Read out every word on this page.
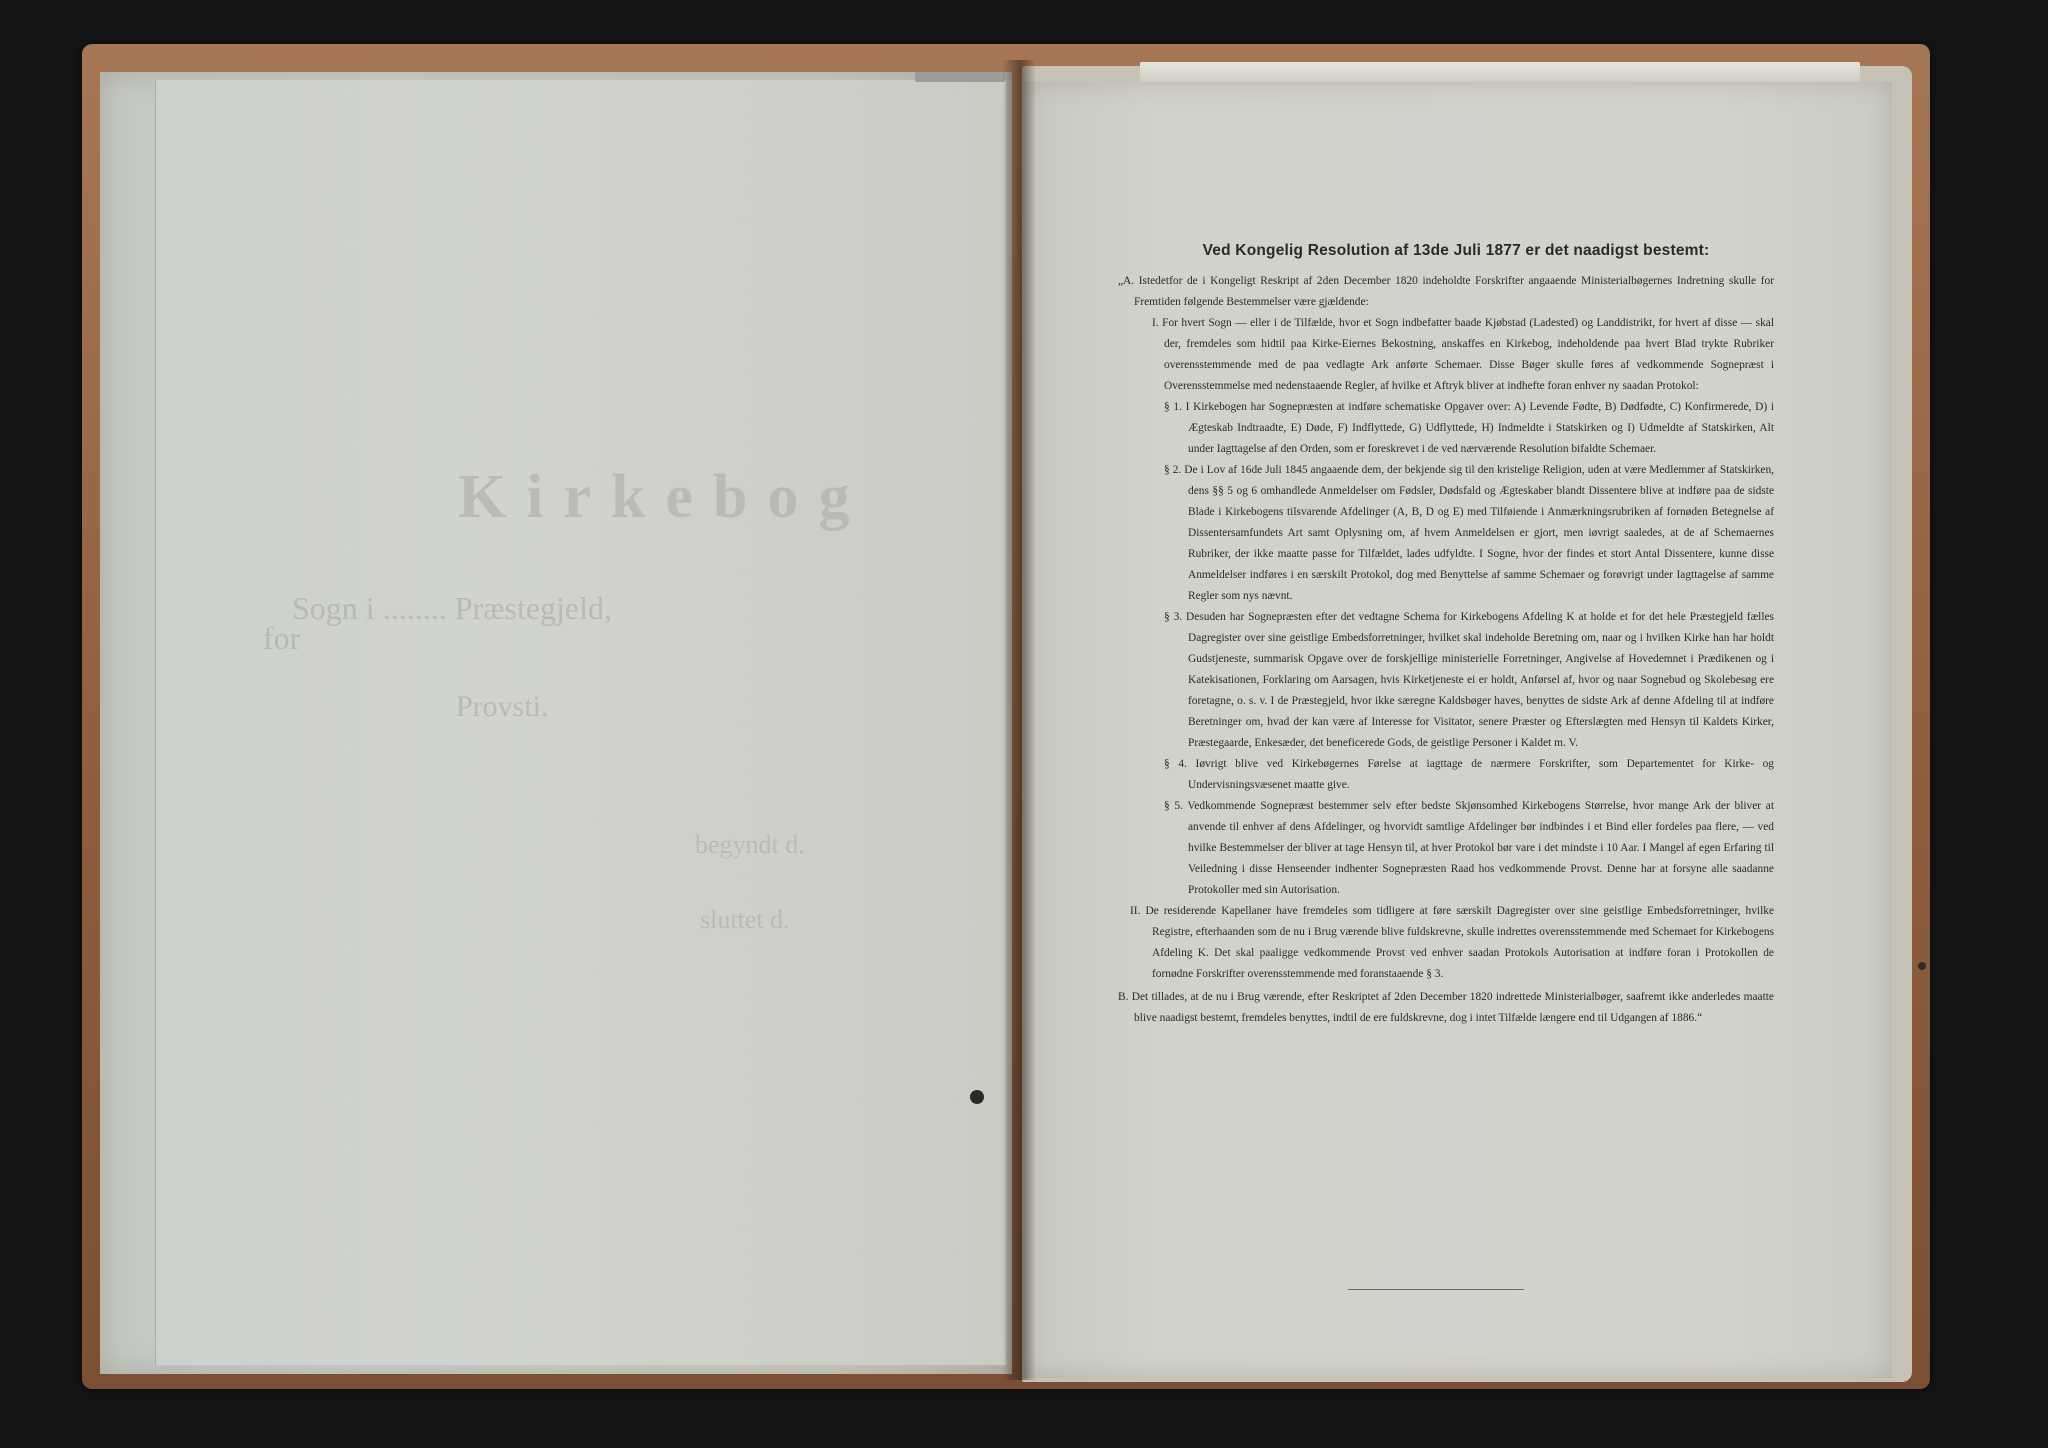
Kirkebog
for
Sogn i ........ Præstegjeld,
Provsti.
begyndt d.
sluttet d.
Ved Kongelig Resolution af 13de Juli 1877 er det naadigst bestemt:

„A. Istedetfor de i Kongeligt Reskript af 2den December 1820 indeholdte Forskrifter angaaende Ministerialbøgernes Indretning skulle for Fremtiden følgende Bestemmelser være gjældende:

I. For hvert Sogn — eller i de Tilfælde, hvor et Sogn indbefatter baade Kjøbstad (Ladested) og Landdistrikt, for hvert af disse — skal der, fremdeles som hidtil paa Kirke-Eiernes Bekostning, anskaffes en Kirkebog, indeholdende paa hvert Blad trykte Rubriker overensstemmende med de paa vedlagte Ark anførte Schemaer. Disse Bøger skulle føres af vedkommende Sognepræst i Overensstemmelse med nedenstaaende Regler, af hvilke et Aftryk bliver at indhefte foran enhver ny saadan Protokol:

§ 1. I Kirkebogen har Sognepræsten at indføre schematiske Opgaver over: A) Levende Fødte, B) Dødfødte, C) Konfirmerede, D) i Ægteskab Indtraadte, E) Døde, F) Indflyttede, G) Udflyttede, H) Indmeldte i Statskirken og I) Udmeldte af Statskirken, Alt under Iagttagelse af den Orden, som er foreskrevet i de ved nærværende Resolution bifaldte Schemaer.

§ 2. De i Lov af 16de Juli 1845 angaaende dem, der bekjende sig til den kristelige Religion, uden at være Medlemmer af Statskirken, dens §§ 5 og 6 omhandlede Anmeldelser om Fødsler, Dødsfald og Ægteskaber blandt Dissentere blive at indføre paa de sidste Blade i Kirkebogens tilsvarende Afdelinger (A, B, D og E) med Tilføiende i Anmærkningsrubriken af fornøden Betegnelse af Dissentersamfundets Art samt Oplysning om, af hvem Anmeldelsen er gjort, men iøvrigt saaledes, at de af Schemaernes Rubriker, der ikke maatte passe for Tilfældet, lades udfyldte. I Sogne, hvor der findes et stort Antal Dissentere, kunne disse Anmeldelser indføres i en særskilt Protokol, dog med Benyttelse af samme Schemaer og forøvrigt under Iagttagelse af samme Regler som nys nævnt.

§ 3. Desuden har Sognepræsten efter det vedtagne Schema for Kirkebogens Afdeling K at holde et for det hele Præstegjeld fælles Dagregister over sine geistlige Embedsforretninger, hvilket skal indeholde Beretning om, naar og i hvilken Kirke han har holdt Gudstjeneste, summarisk Opgave over de forskjellige ministerielle Forretninger, Angivelse af Hovedemnet i Prædikenen og i Katekisationen, Forklaring om Aarsagen, hvis Kirketjeneste ei er holdt, Anførsel af, hvor og naar Sognebud og Skolebesøg ere foretagne, o. s. v. I de Præstegjeld, hvor ikke særegne Kaldsbøger haves, benyttes de sidste Ark af denne Afdeling til at indføre Beretninger om, hvad der kan være af Interesse for Visitator, senere Præster og Efterslægten med Hensyn til Kaldets Kirker, Præstegaarde, Enkesæder, det beneficerede Gods, de geistlige Personer i Kaldet m. V.

§ 4. Iøvrigt blive ved Kirkebøgernes Førelse at iagttage de nærmere Forskrifter, som Departementet for Kirke- og Undervisningsvæsenet maatte give.

§ 5. Vedkommende Sognepræst bestemmer selv efter bedste Skjønsomhed Kirkebogens Størrelse, hvor mange Ark der bliver at anvende til enhver af dens Afdelinger, og hvorvidt samtlige Afdelinger bør indbindes i et Bind eller fordeles paa flere, — ved hvilke Bestemmelser der bliver at tage Hensyn til, at hver Protokol bør vare i det mindste i 10 Aar. I Mangel af egen Erfaring til Veiledning i disse Henseender indhenter Sognepræsten Raad hos vedkommende Provst. Denne har at forsyne alle saadanne Protokoller med sin Autorisation.

II. De residerende Kapellaner have fremdeles som tidligere at føre særskilt Dagregister over sine geistlige Embedsforretninger, hvilke Registre, efterhaanden som de nu i Brug værende blive fuldskrevne, skulle indrettes overensstemmende med Schemaet for Kirkebogens Afdeling K. Det skal paaligge vedkommende Provst ved enhver saadan Protokols Autorisation at indføre foran i Protokollen de fornødne Forskrifter overensstemmende med foranstaaende § 3.

B. Det tillades, at de nu i Brug værende, efter Reskriptet af 2den December 1820 indrettede Ministerialbøger, saafremt ikke anderledes maatte blive naadigst bestemt, fremdeles benyttes, indtil de ere fuldskrevne, dog i intet Tilfælde længere end til Udgangen af 1886.“
